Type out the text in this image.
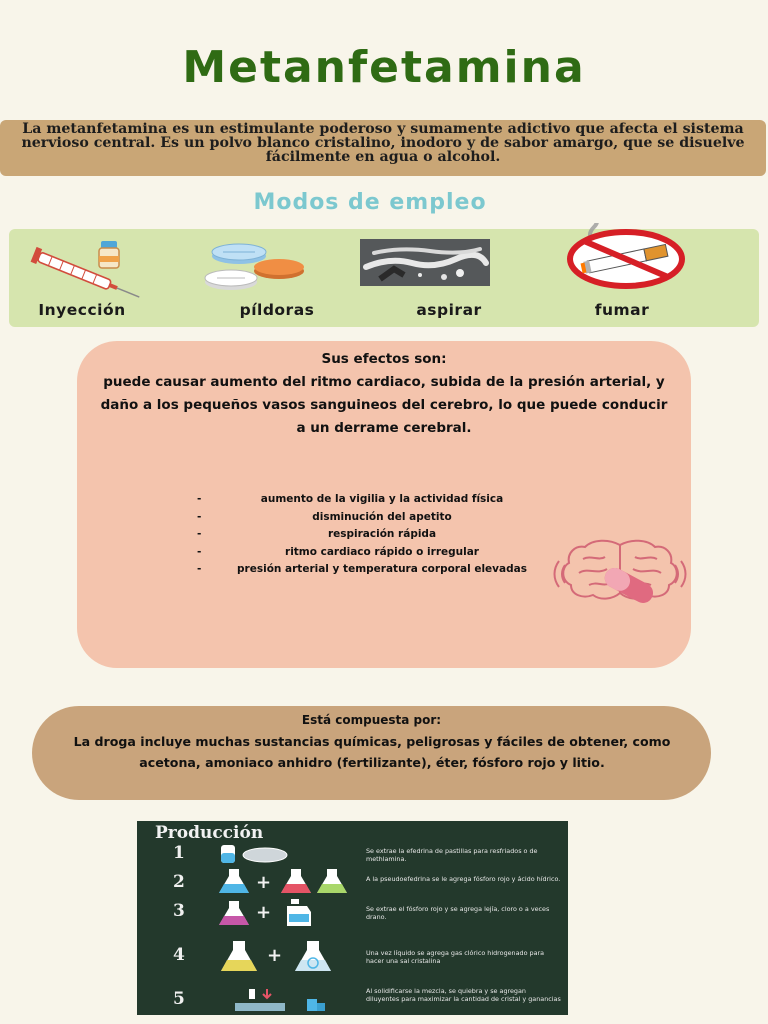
Metanfetamina
La metanfetamina es un estimulante poderoso y sumamente adictivo que afecta el sistema nervioso central. Es un polvo blanco cristalino, inodoro y de sabor amargo, que se disuelve fácilmente en agua o alcohol.
Modos de empleo
Inyección	píldoras	aspirar	fumar
Sus efectos son:
puede causar aumento del ritmo cardiaco, subida de la presión arterial, y daño a los pequeños vasos sanguineos del cerebro, lo que puede conducir a un derrame cerebral.
-	aumento de la vigilia y la actividad física
-	disminución del apetito
-	respiración rápida
-	ritmo cardiaco rápido o irregular
-	presión arterial y temperatura corporal elevadas
Está compuesta por:
La droga incluye muchas sustancias químicas, peligrosas y fáciles de obtener, como acetona, amoniaco anhidro (fertilizante), éter, fósforo rojo y litio.
Producción
1	Se extrae la efedrina de pastillas para resfriados o de methlamina.
2	+	A la pseudoefedrina se le agrega fósforo rojo y ácido hídrico.
3	+	Se extrae el fósforo rojo y se agrega lejía, cloro o a veces drano.
4	+	Una vez líquido se agrega gas clórico hidrogenado para hacer una sal cristalina
5	Al solidificarse la mezcla, se quiebra y se agregan diluyentes para maximizar la cantidad de cristal y ganancias
